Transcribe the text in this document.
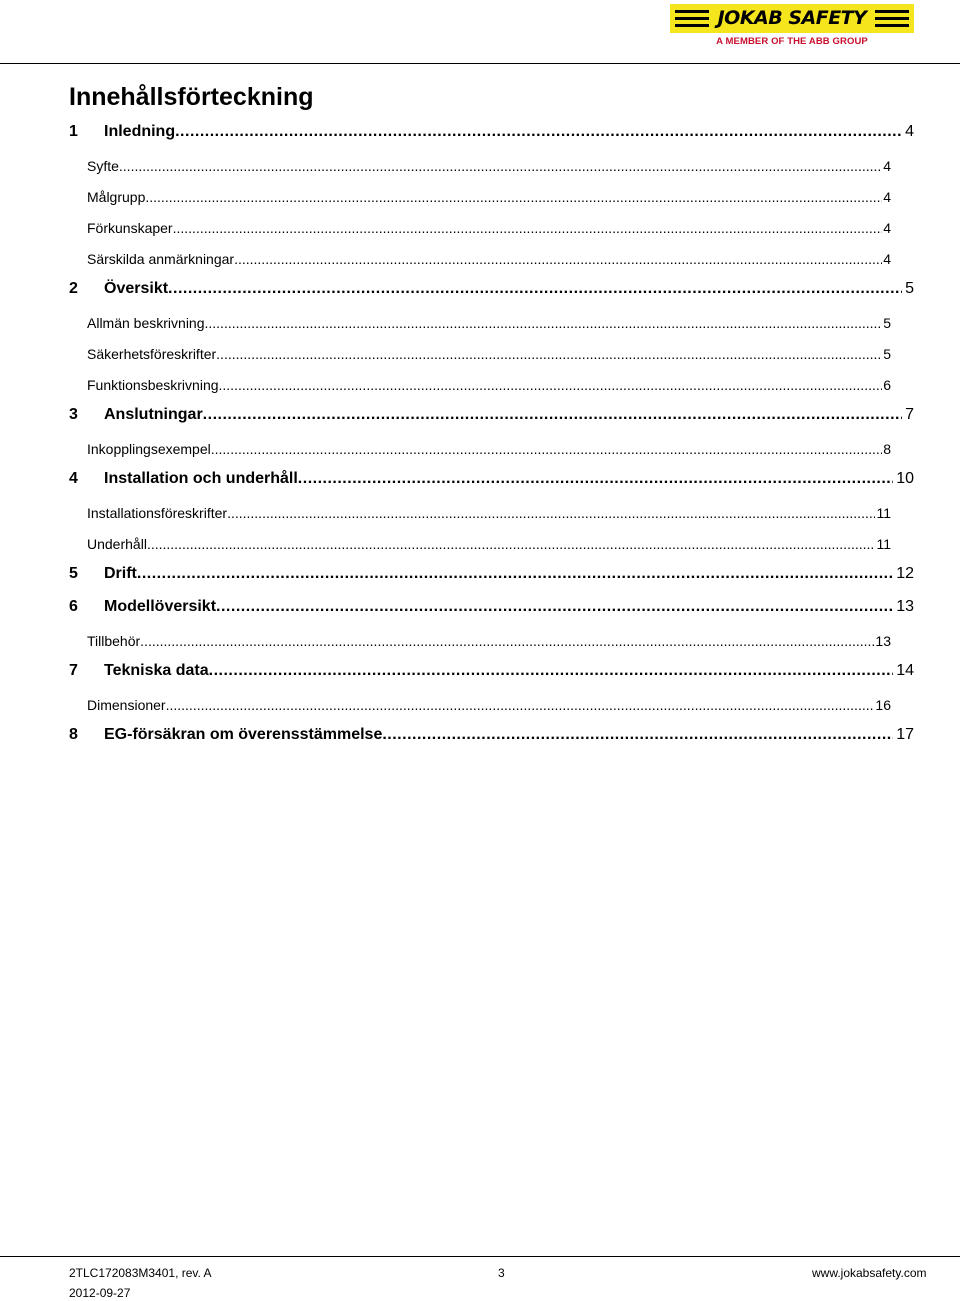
JOKAB SAFETY
A MEMBER OF THE ABB GROUP
Innehållsförteckning
1	Inledning .....	4
Syfte .....	4
Målgrupp .....	4
Förkunskaper .....	4
Särskilda anmärkningar .....	4
2	Översikt .....	5
Allmän beskrivning .....	5
Säkerhetsföreskrifter .....	5
Funktionsbeskrivning .....	6
3	Anslutningar .....	7
Inkopplingsexempel .....	8
4	Installation och underhåll .....	10
Installationsföreskrifter .....	11
Underhåll .....	11
5	Drift .....	12
6	Modellöversikt .....	13
Tillbehör .....	13
7	Tekniska data .....	14
Dimensioner .....	16
8	EG-försäkran om överensstämmelse .....	17
2TLC172083M3401, rev. A
2012-09-27
3	www.jokabsafety.com
